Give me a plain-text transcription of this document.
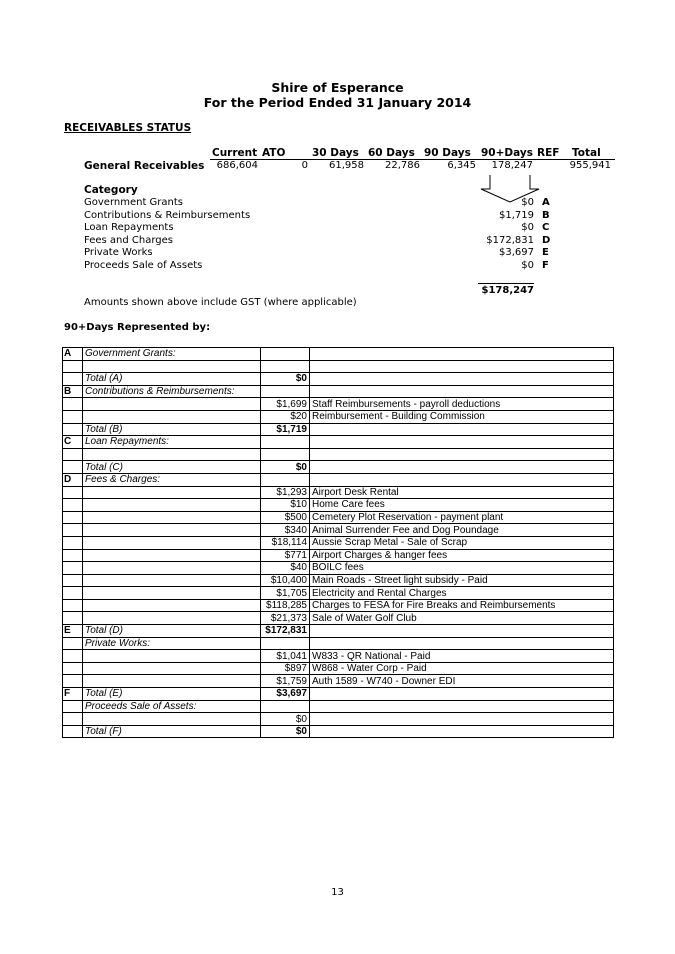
Shire of Esperance
For the Period Ended 31 January 2014
RECEIVABLES STATUS
Current ATO	30 Days 60 Days 90 Days 90+Days REF Total
General Receivables	686,604	0	61,958	22,786	6,345	178,247	955,941
Category
Government Grants	$0 A
Contributions & Reimbursements	$1,719 B
Loan Repayments	$0 C
Fees and Charges	$172,831 D
Private Works	$3,697 E
Proceeds Sale of Assets	$0 F
$178,247
Amounts shown above include GST (where applicable)
90+Days Represented by:
A	Government Grants:		

	Total (A)	$0	
B	Contributions & Reimbursements:		
		$1,699	Staff Reimbursements - payroll deductions
		$20	Reimbursement - Building Commission
	Total (B)	$1,719	
C	Loan Repayments:		

	Total (C)	$0	
D	Fees & Charges:		
		$1,293	Airport Desk Rental
		$10	Home Care fees
		$500	Cemetery Plot Reservation - payment plant
		$340	Animal Surrender Fee and Dog Poundage
		$18,114	Aussie Scrap Metal - Sale of Scrap
		$771	Airport Charges & hanger fees
		$40	BOILC fees
		$10,400	Main Roads - Street light subsidy - Paid
		$1,705	Electricity and Rental Charges
		$118,285	Charges to FESA for Fire Breaks and Reimbursements
		$21,373	Sale of Water Golf Club
E	Total (D)	$172,831	
	Private Works:		
		$1,041	W833 - QR National - Paid
		$897	W868 - Water Corp - Paid
		$1,759	Auth 1589 - W740 - Downer EDI
F	Total (E)	$3,697	
	Proceeds Sale of Assets:		
		$0	
	Total (F)	$0	
13
